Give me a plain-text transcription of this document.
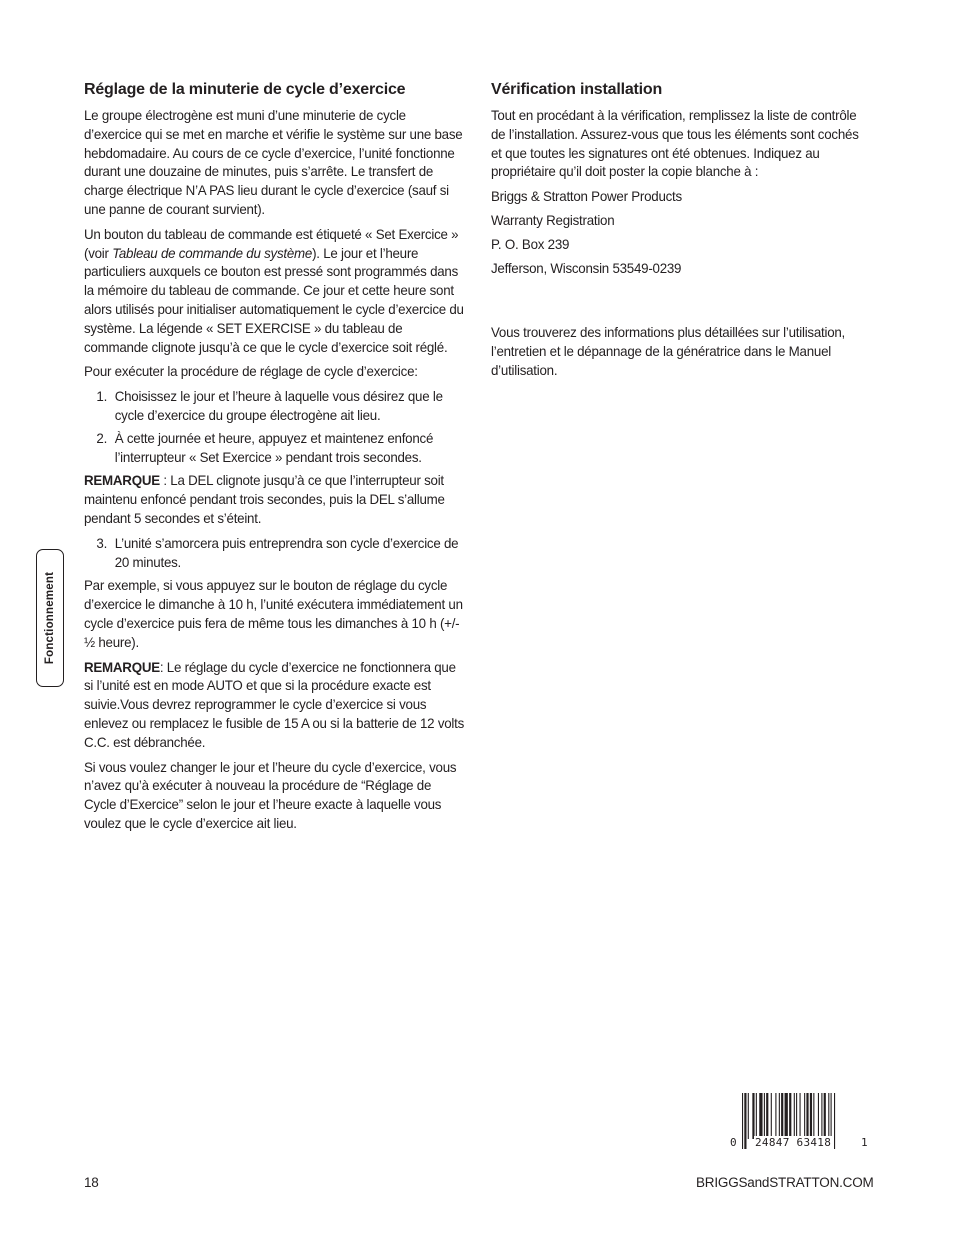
Réglage de la minuterie de cycle d’exercice

Le groupe électrogène est muni d’une minuterie de cycle d’exercice qui se met en marche et vérifie le système sur une base hebdomadaire. Au cours de ce cycle d’exercice, l’unité fonctionne durant une douzaine de minutes, puis s’arrête. Le transfert de charge électrique N’A PAS lieu durant le cycle d’exercice (sauf si une panne de courant survient).

Un bouton du tableau de commande est étiqueté « Set Exercice » (voir Tableau de commande du système). Le jour et l’heure particuliers auxquels ce bouton est pressé sont programmés dans la mémoire du tableau de commande. Ce jour et cette heure sont alors utilisés pour initialiser automatiquement le cycle d’exercice du système. La légende « SET EXERCISE » du tableau de commande clignote jusqu’à ce que le cycle d’exercice soit réglé.

Pour exécuter la procédure de réglage de cycle d’exercice:

1. Choisissez le jour et l’heure à laquelle vous désirez que le cycle d’exercice du groupe électrogène ait lieu.
2. À cette journée et heure, appuyez et maintenez enfoncé l’interrupteur « Set Exercice » pendant trois secondes.

REMARQUE : La DEL clignote jusqu’à ce que l’interrupteur soit maintenu enfoncé pendant trois secondes, puis la DEL s’allume pendant 5 secondes et s’éteint.

3. L’unité s’amorcera puis entreprendra son cycle d’exercice de 20 minutes.

Par exemple, si vous appuyez sur le bouton de réglage du cycle d’exercice le dimanche à 10 h, l’unité exécutera immédiatement un cycle d’exercice puis fera de même tous les dimanches à 10 h (+/- ½ heure).

REMARQUE: Le réglage du cycle d’exercice ne fonctionnera que si l’unité est en mode AUTO et que si la procédure exacte est suivie.Vous devrez reprogrammer le cycle d’exercice si vous enlevez ou remplacez le fusible de 15 A ou si la batterie de 12 volts C.C. est débranchée.

Si vous voulez changer le jour et l’heure du cycle d’exercice, vous n’avez qu’à exécuter à nouveau la procédure de “Réglage de Cycle d’Exercice” selon le jour et l’heure exacte à laquelle vous voulez que le cycle d’exercice ait lieu.

Vérification installation

Tout en procédant à la vérification, remplissez la liste de contrôle de l’installation. Assurez-vous que tous les éléments sont cochés et que toutes les signatures ont été obtenues. Indiquez au propriétaire qu’il doit poster la copie blanche à :

Briggs & Stratton Power Products

Warranty Registration

P. O. Box 239

Jefferson, Wisconsin 53549-0239

Vous trouverez des informations plus détaillées sur l’utilisation, l’entretien et le dépannage de la génératrice dans le Manuel d’utilisation.

Fonctionnement
0 24847 63418	1
18	BRIGGSandSTRATTON.COM
